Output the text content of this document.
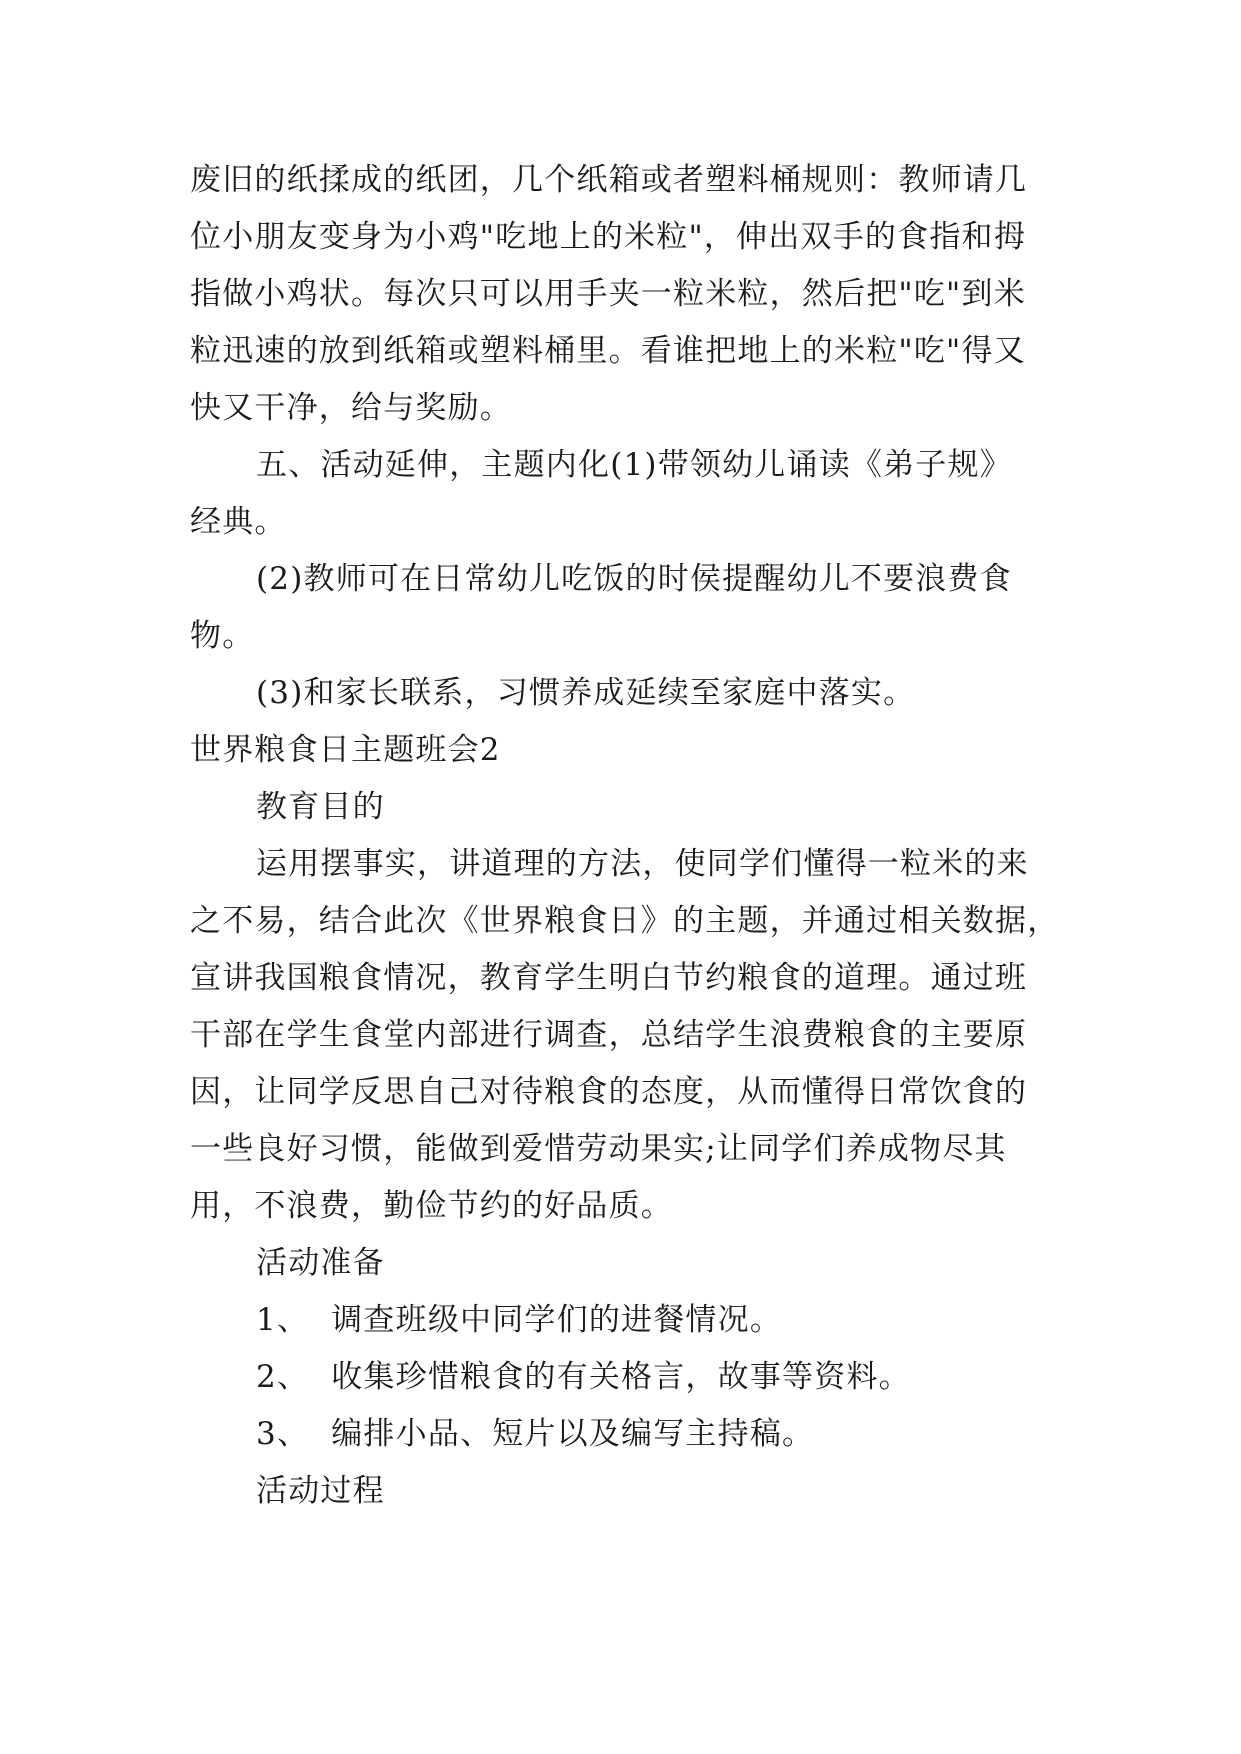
废旧的纸揉成的纸团，几个纸箱或者塑料桶规则：教师请几
位小朋友变身为小鸡"吃地上的米粒"，伸出双手的食指和拇
指做小鸡状。每次只可以用手夹一粒米粒，然后把"吃"到米
粒迅速的放到纸箱或塑料桶里。看谁把地上的米粒"吃"得又
快又干净，给与奖励。
五、活动延伸，主题内化(1)带领幼儿诵读《弟子规》
经典。
(2)教师可在日常幼儿吃饭的时侯提醒幼儿不要浪费食
物。
(3)和家长联系，习惯养成延续至家庭中落实。
世界粮食日主题班会2
教育目的
运用摆事实，讲道理的方法，使同学们懂得一粒米的来
之不易，结合此次《世界粮食日》的主题，并通过相关数据，
宣讲我国粮食情况，教育学生明白节约粮食的道理。通过班
干部在学生食堂内部进行调查，总结学生浪费粮食的主要原
因，让同学反思自己对待粮食的态度，从而懂得日常饮食的
一些良好习惯，能做到爱惜劳动果实;让同学们养成物尽其
用，不浪费，勤俭节约的好品质。
活动准备
1、  调查班级中同学们的进餐情况。
2、  收集珍惜粮食的有关格言，故事等资料。
3、  编排小品、短片以及编写主持稿。
活动过程
